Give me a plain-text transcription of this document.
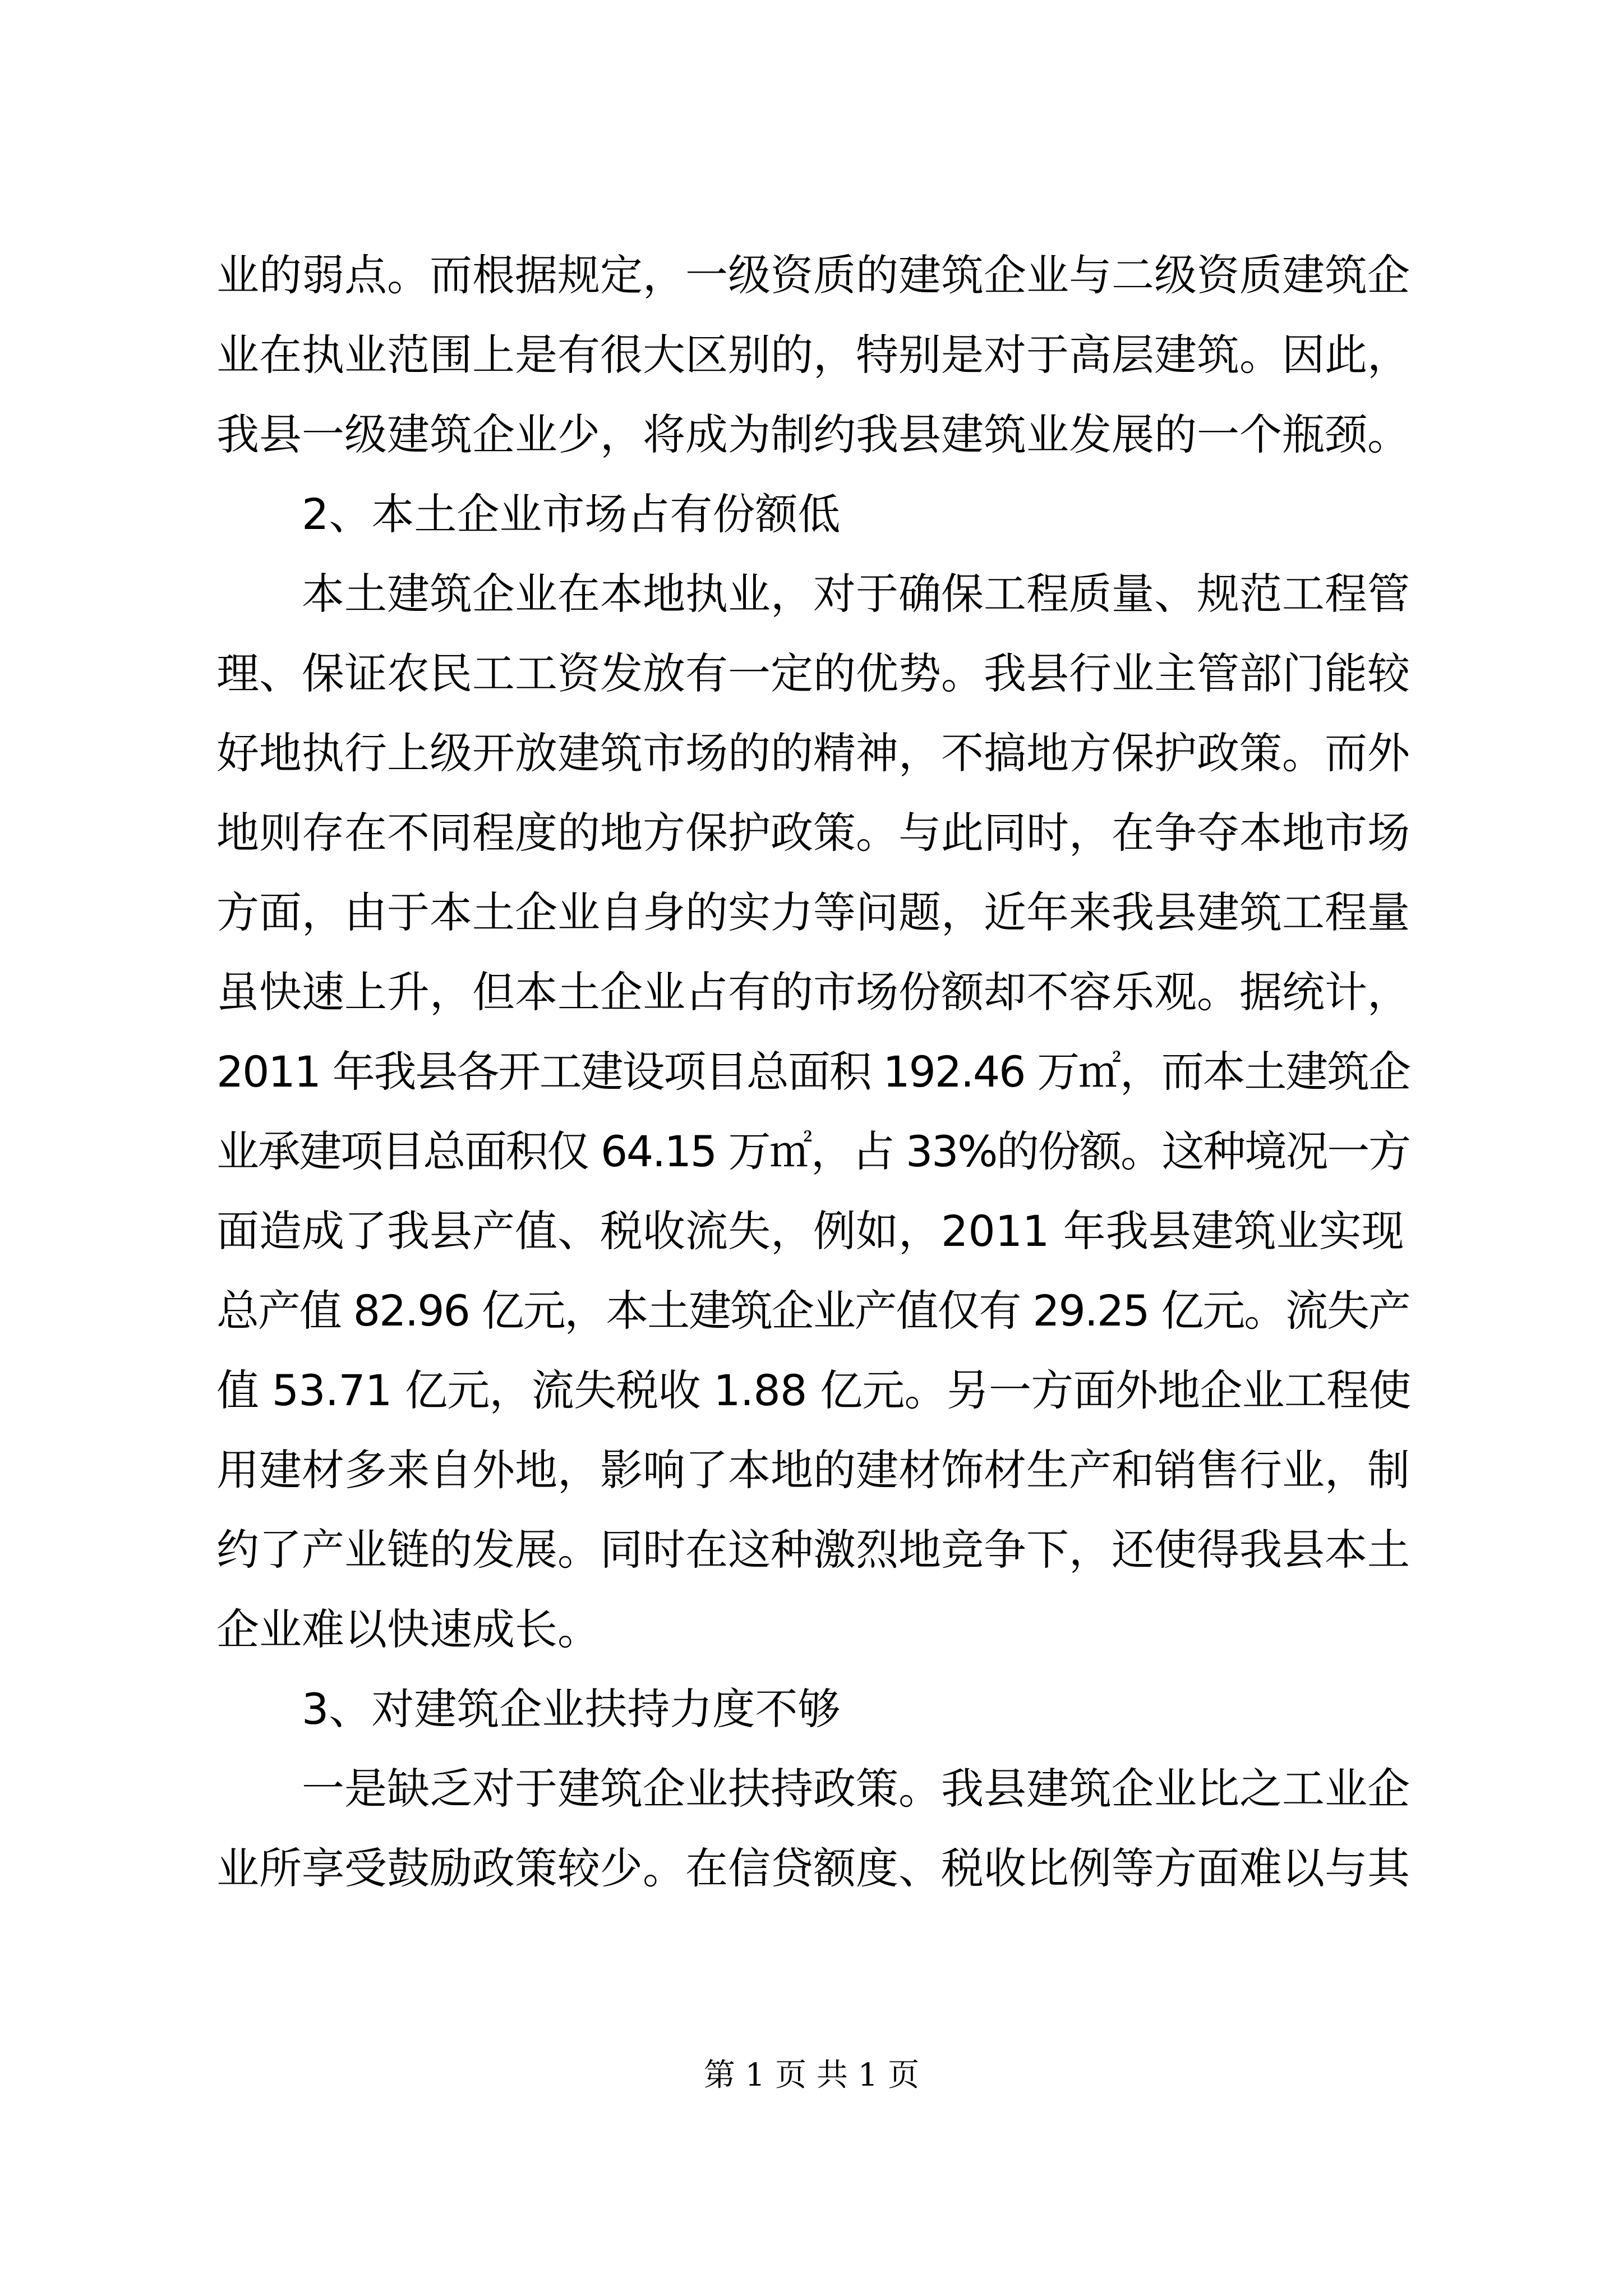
业的弱点。而根据规定，一级资质的建筑企业与二级资质建筑企
业在执业范围上是有很大区别的，特别是对于高层建筑。因此，
我县一级建筑企业少，将成为制约我县建筑业发展的一个瓶颈。
2、本土企业市场占有份额低
本土建筑企业在本地执业，对于确保工程质量、规范工程管
理、保证农民工工资发放有一定的优势。我县行业主管部门能较
好地执行上级开放建筑市场的的精神，不搞地方保护政策。而外
地则存在不同程度的地方保护政策。与此同时，在争夺本地市场
方面，由于本土企业自身的实力等问题，近年来我县建筑工程量
虽快速上升，但本土企业占有的市场份额却不容乐观。据统计，
2011 年我县各开工建设项目总面积 192.46 万㎡，而本土建筑企
业承建项目总面积仅 64.15 万㎡，占 33%的份额。这种境况一方
面造成了我县产值、税收流失，例如，2011 年我县建筑业实现
总产值 82.96 亿元，本土建筑企业产值仅有 29.25 亿元。流失产
值 53.71 亿元，流失税收 1.88 亿元。另一方面外地企业工程使
用建材多来自外地，影响了本地的建材饰材生产和销售行业，制
约了产业链的发展。同时在这种激烈地竞争下，还使得我县本土
企业难以快速成长。
3、对建筑企业扶持力度不够
一是缺乏对于建筑企业扶持政策。我县建筑企业比之工业企
业所享受鼓励政策较少。在信贷额度、税收比例等方面难以与其
第 1 页 共 1 页
